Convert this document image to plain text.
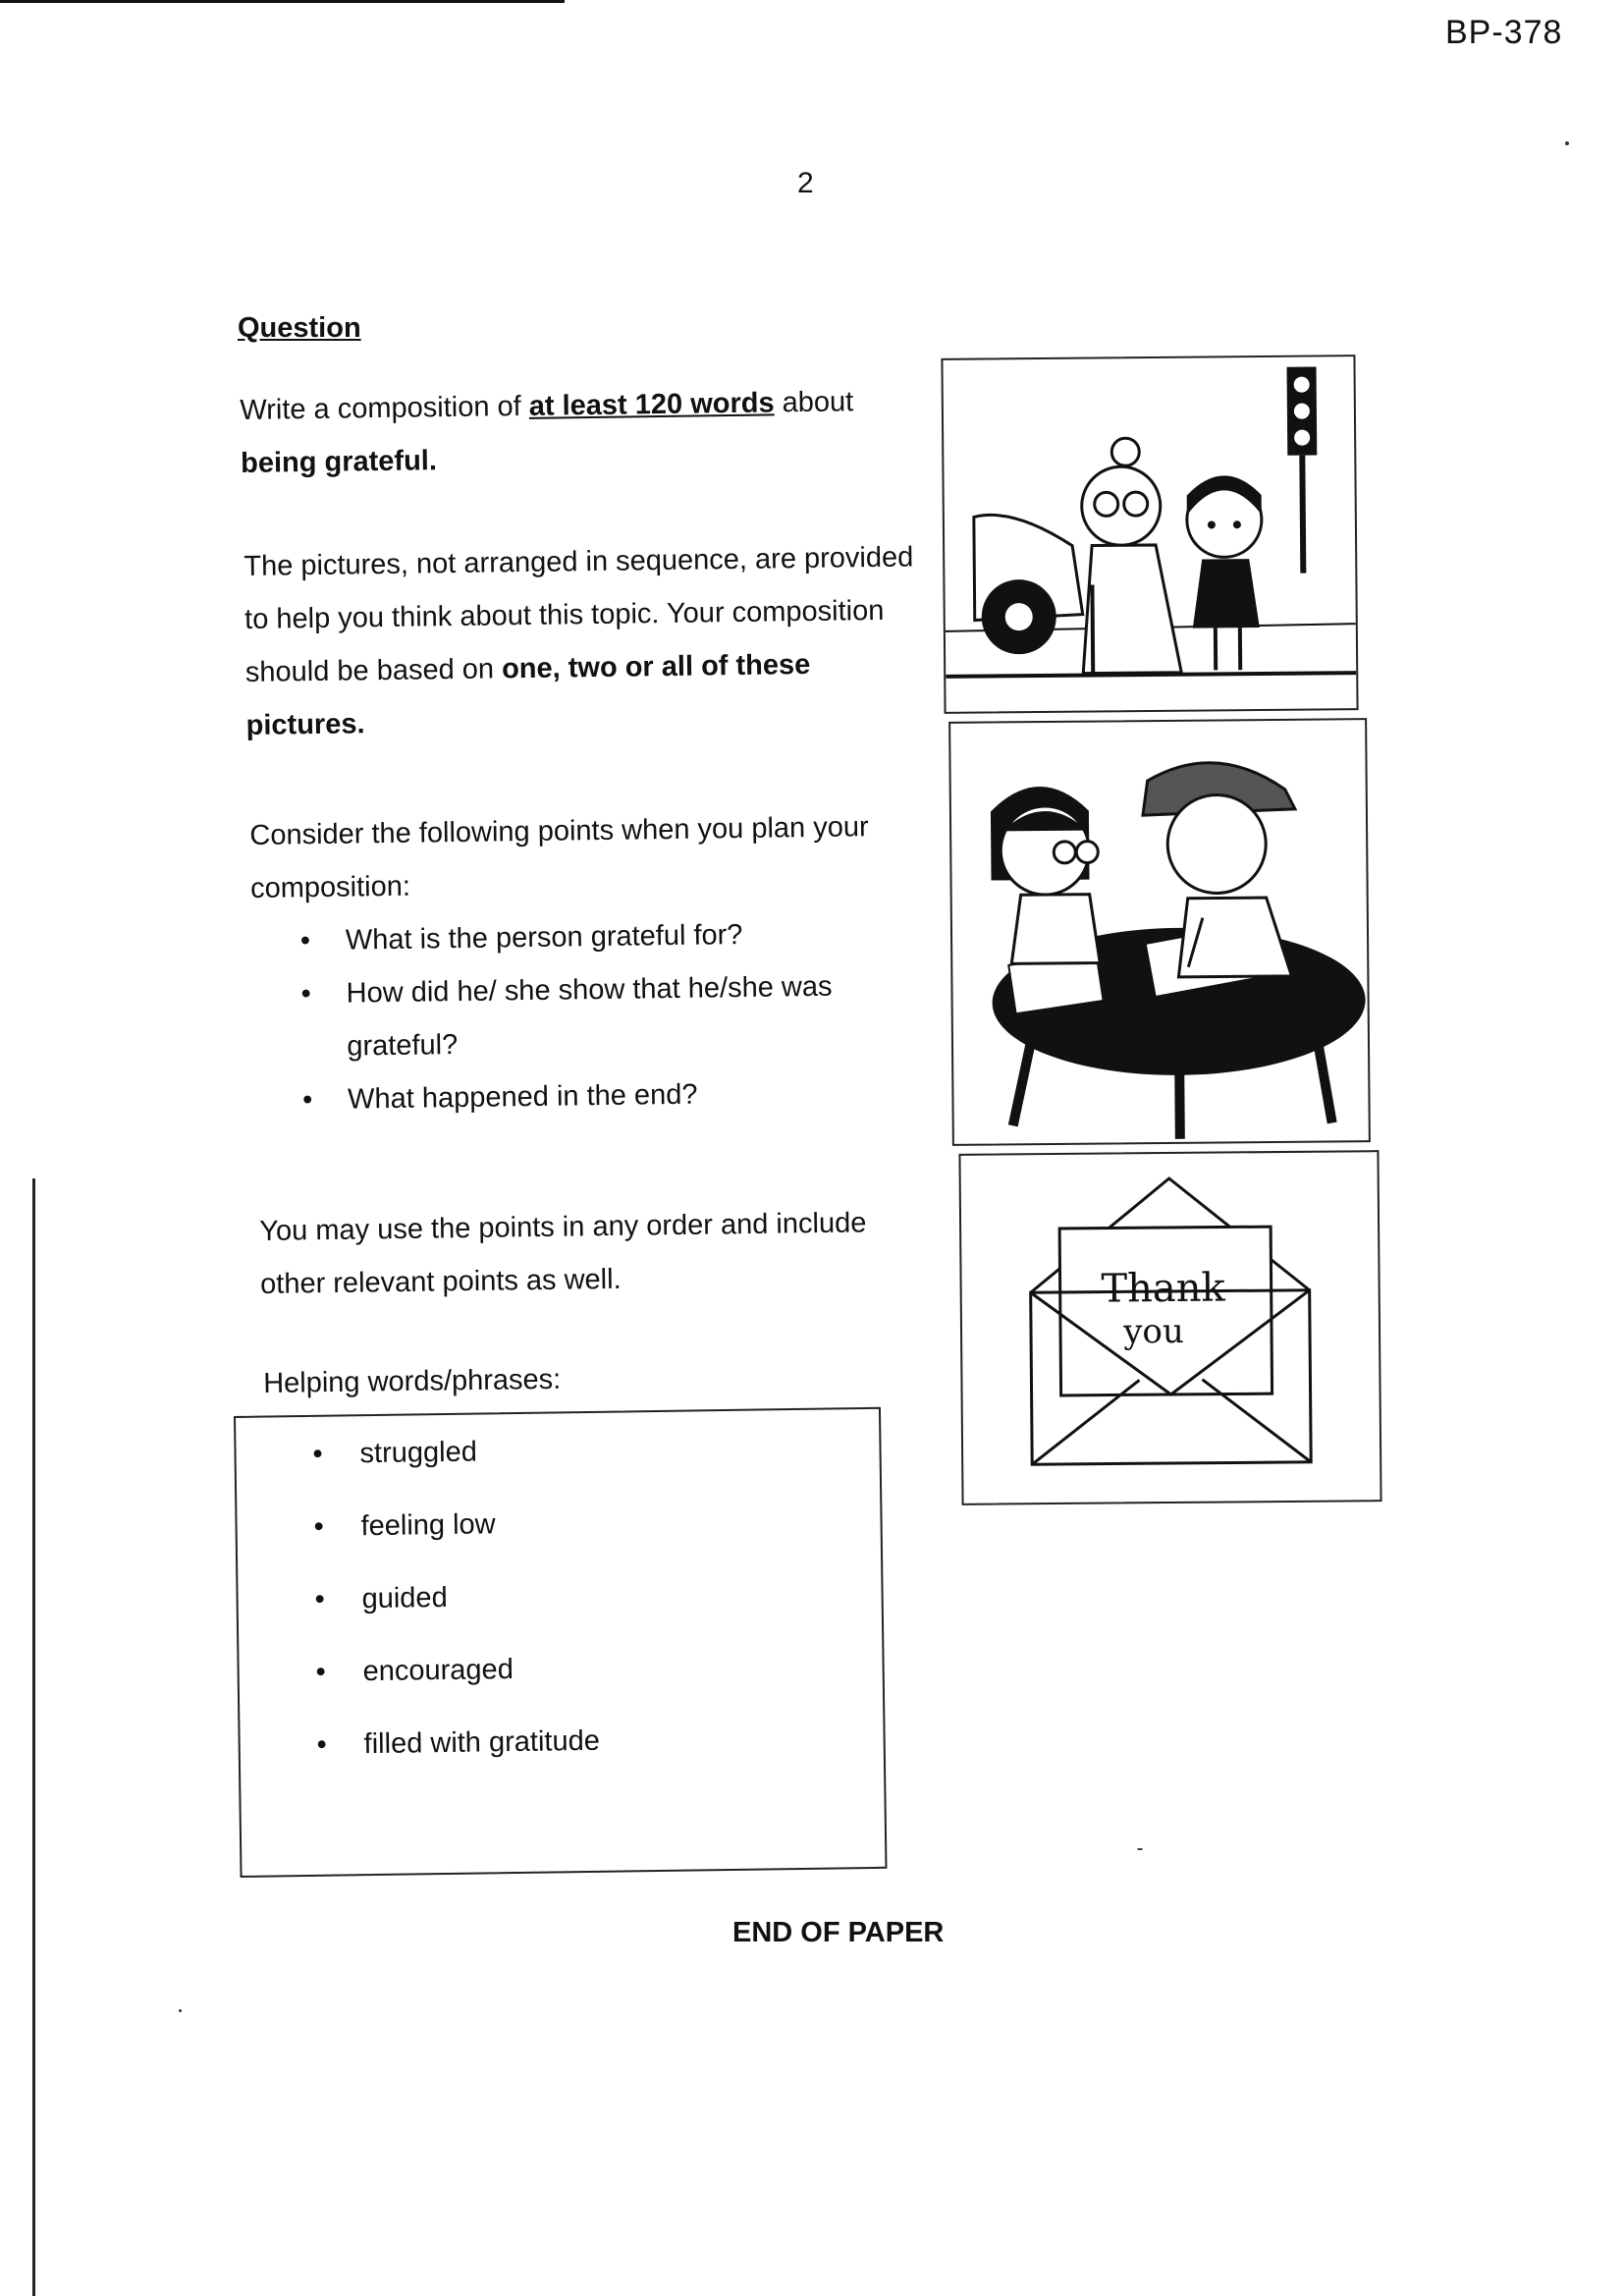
BP-378
2
Question
Write a composition of at least 120 words about
being grateful.
The pictures, not arranged in sequence, are provided to help you think about this topic. Your composition should be based on one, two or all of these pictures.
Consider the following points when you plan your composition:
• What is the person grateful for?
• How did he/ she show that he/she was grateful?
• What happened in the end?
You may use the points in any order and include other relevant points as well.
Helping words/phrases:
• struggled
• feeling low
• guided
• encouraged
• filled with gratitude
END OF PAPER
Thank
you
